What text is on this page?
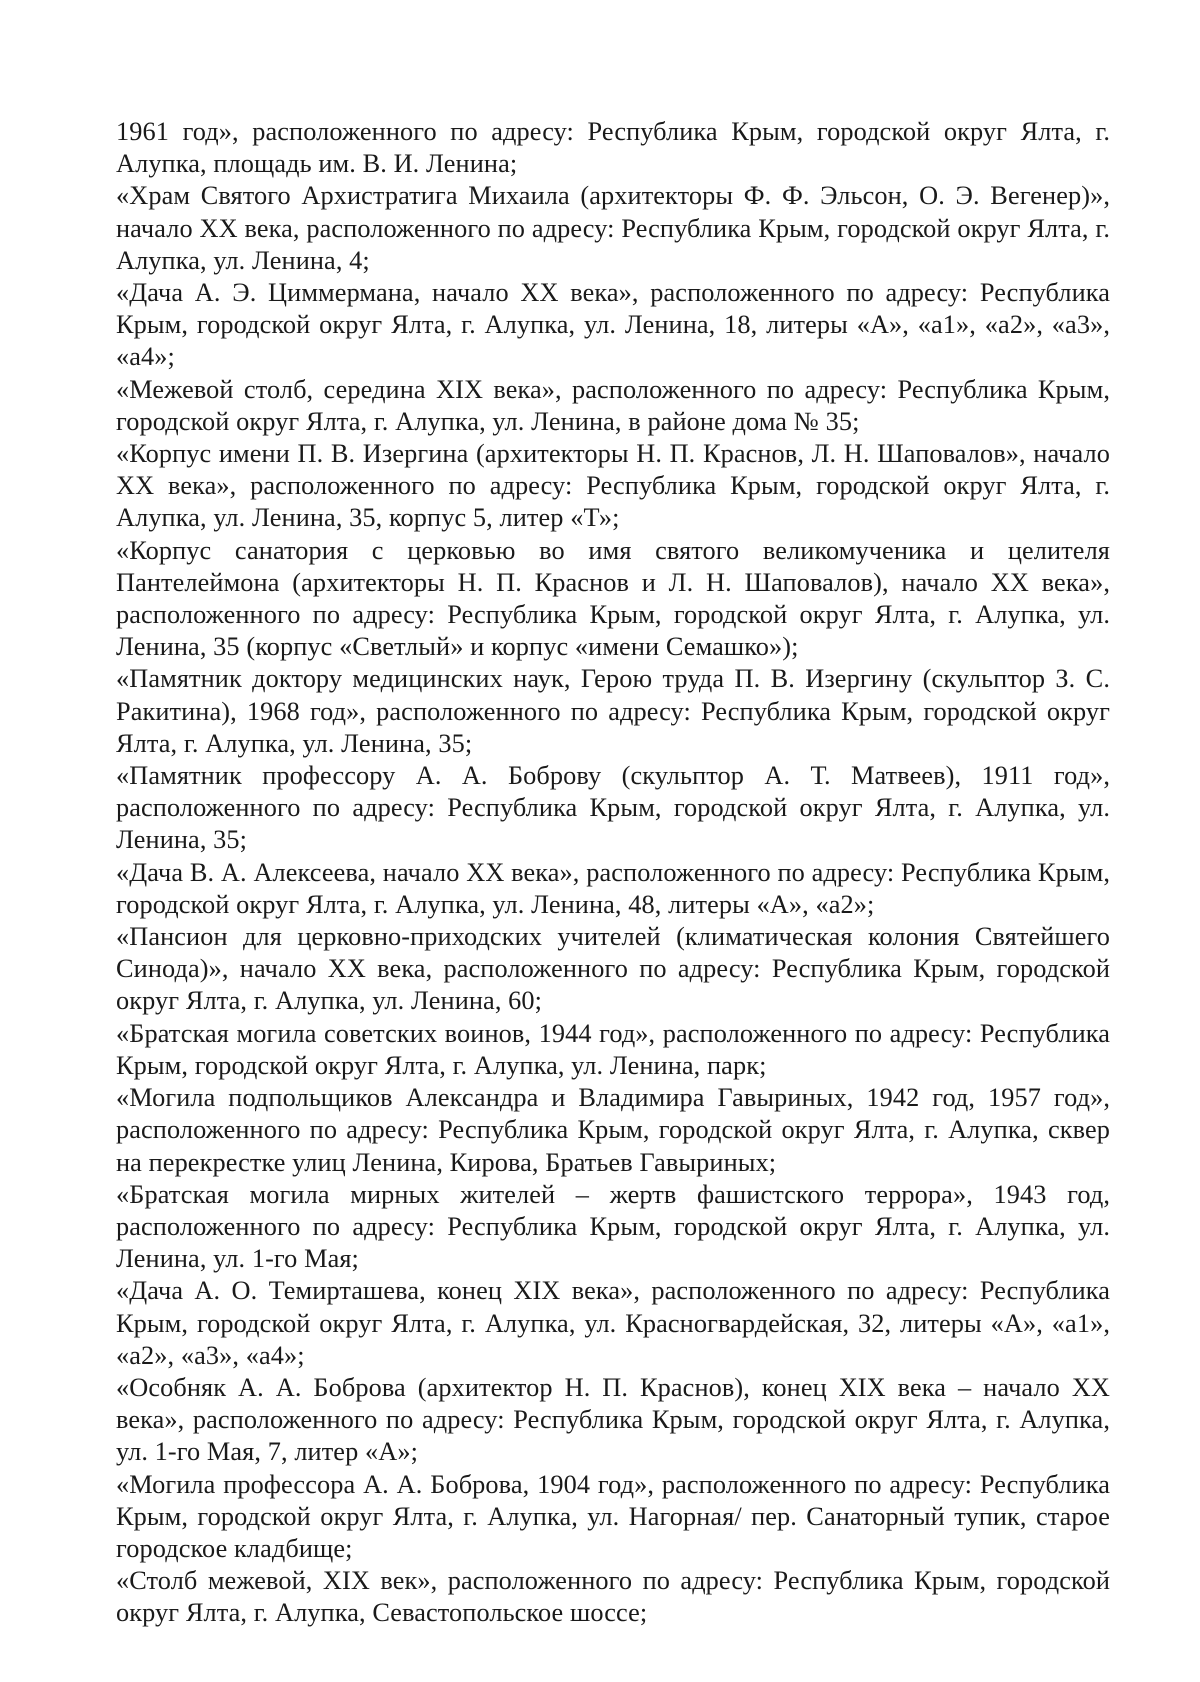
1961 год», расположенного по адресу: Республика Крым, городской округ Ялта, г. Алупка, площадь им. В. И. Ленина;

«Храм Святого Архистратига Михаила (архитекторы Ф. Ф. Эльсон, О. Э. Вегенер)», начало XX века, расположенного по адресу: Республика Крым, городской округ Ялта, г. Алупка, ул. Ленина, 4;

«Дача А. Э. Циммермана, начало XX века», расположенного по адресу: Республика Крым, городской округ Ялта, г. Алупка, ул. Ленина, 18, литеры «А», «а1», «а2», «а3», «а4»;

«Межевой столб, середина XIX века», расположенного по адресу: Республика Крым, городской округ Ялта, г. Алупка, ул. Ленина, в районе дома № 35;

«Корпус имени П. В. Изергина (архитекторы Н. П. Краснов, Л. Н. Шаповалов», начало XX века», расположенного по адресу: Республика Крым, городской округ Ялта, г. Алупка, ул. Ленина, 35, корпус 5, литер «Т»;

«Корпус санатория с церковью во имя святого великомученика и целителя Пантелеймона (архитекторы Н. П. Краснов и Л. Н. Шаповалов), начало XX века», расположенного по адресу: Республика Крым, городской округ Ялта, г. Алупка, ул. Ленина, 35 (корпус «Светлый» и корпус «имени Семашко»);

«Памятник доктору медицинских наук, Герою труда П. В. Изергину (скульптор З. С. Ракитина), 1968 год», расположенного по адресу: Республика Крым, городской округ Ялта, г. Алупка, ул. Ленина, 35;

«Памятник профессору А. А. Боброву (скульптор А. Т. Матвеев), 1911 год», расположенного по адресу: Республика Крым, городской округ Ялта, г. Алупка, ул. Ленина, 35;

«Дача В. А. Алексеева, начало XX века», расположенного по адресу: Республика Крым, городской округ Ялта, г. Алупка, ул. Ленина, 48, литеры «А», «а2»;

«Пансион для церковно-приходских учителей (климатическая колония Святейшего Синода)», начало XX века, расположенного по адресу: Республика Крым, городской округ Ялта, г. Алупка, ул. Ленина, 60;

«Братская могила советских воинов, 1944 год», расположенного по адресу: Республика Крым, городской округ Ялта, г. Алупка, ул. Ленина, парк;

«Могила подпольщиков Александра и Владимира Гавыриных, 1942 год, 1957 год», расположенного по адресу: Республика Крым, городской округ Ялта, г. Алупка, сквер на перекрестке улиц Ленина, Кирова, Братьев Гавыриных;

«Братская могила мирных жителей – жертв фашистского террора», 1943 год, расположенного по адресу: Республика Крым, городской округ Ялта, г. Алупка, ул. Ленина, ул. 1-го Мая;

«Дача А. О. Темирташева, конец XIX века», расположенного по адресу: Республика Крым, городской округ Ялта, г. Алупка, ул. Красногвардейская, 32, литеры «А», «а1», «а2», «а3», «а4»;

«Особняк А. А. Боброва (архитектор Н. П. Краснов), конец XIX века – начало XX века», расположенного по адресу: Республика Крым, городской округ Ялта, г. Алупка, ул. 1-го Мая, 7, литер «А»;

«Могила профессора А. А. Боброва, 1904 год», расположенного по адресу: Республика Крым, городской округ Ялта, г. Алупка, ул. Нагорная/ пер. Санаторный тупик, старое городское кладбище;

«Столб межевой, XIX век», расположенного по адресу: Республика Крым, городской округ Ялта, г. Алупка, Севастопольское шоссе;
